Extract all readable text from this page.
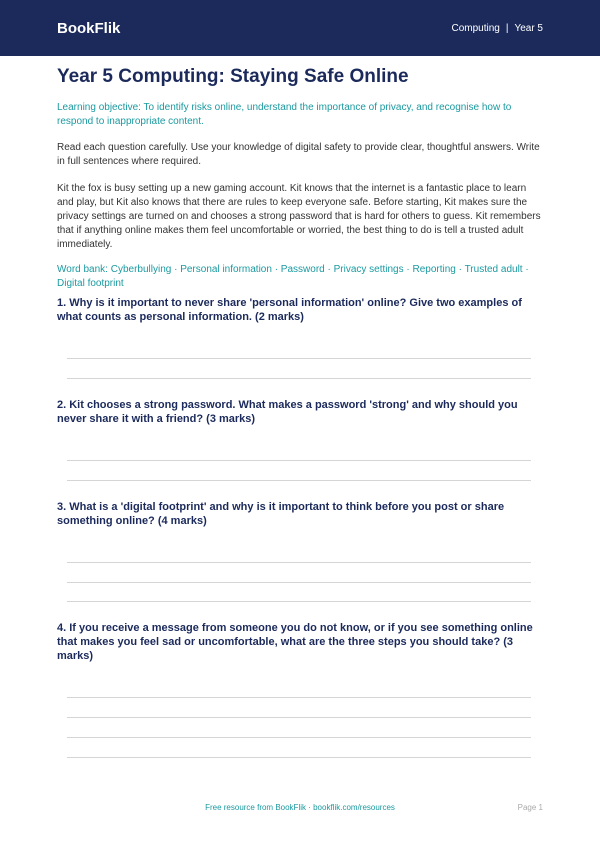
BookFlik	Computing | Year 5
Year 5 Computing: Staying Safe Online

Learning objective: To identify risks online, understand the importance of privacy, and recognise how to respond to inappropriate content.

Read each question carefully. Use your knowledge of digital safety to provide clear, thoughtful answers. Write in full sentences where required.

Kit the fox is busy setting up a new gaming account. Kit knows that the internet is a fantastic place to learn and play, but Kit also knows that there are rules to keep everyone safe. Before starting, Kit makes sure the privacy settings are turned on and chooses a strong password that is hard for others to guess. Kit remembers that if anything online makes them feel uncomfortable or worried, the best thing to do is tell a trusted adult immediately.

Word bank: Cyberbullying · Personal information · Password · Privacy settings · Reporting · Trusted adult · Digital footprint

1. Why is it important to never share 'personal information' online? Give two examples of what counts as personal information. (2 marks)
2. Kit chooses a strong password. What makes a password 'strong' and why should you never share it with a friend? (3 marks)
3. What is a 'digital footprint' and why is it important to think before you post or share something online? (4 marks)
4. If you receive a message from someone you do not know, or if you see something online that makes you feel sad or uncomfortable, what are the three steps you should take? (3 marks)
Free resource from BookFlik · bookflik.com/resources	Page 1
